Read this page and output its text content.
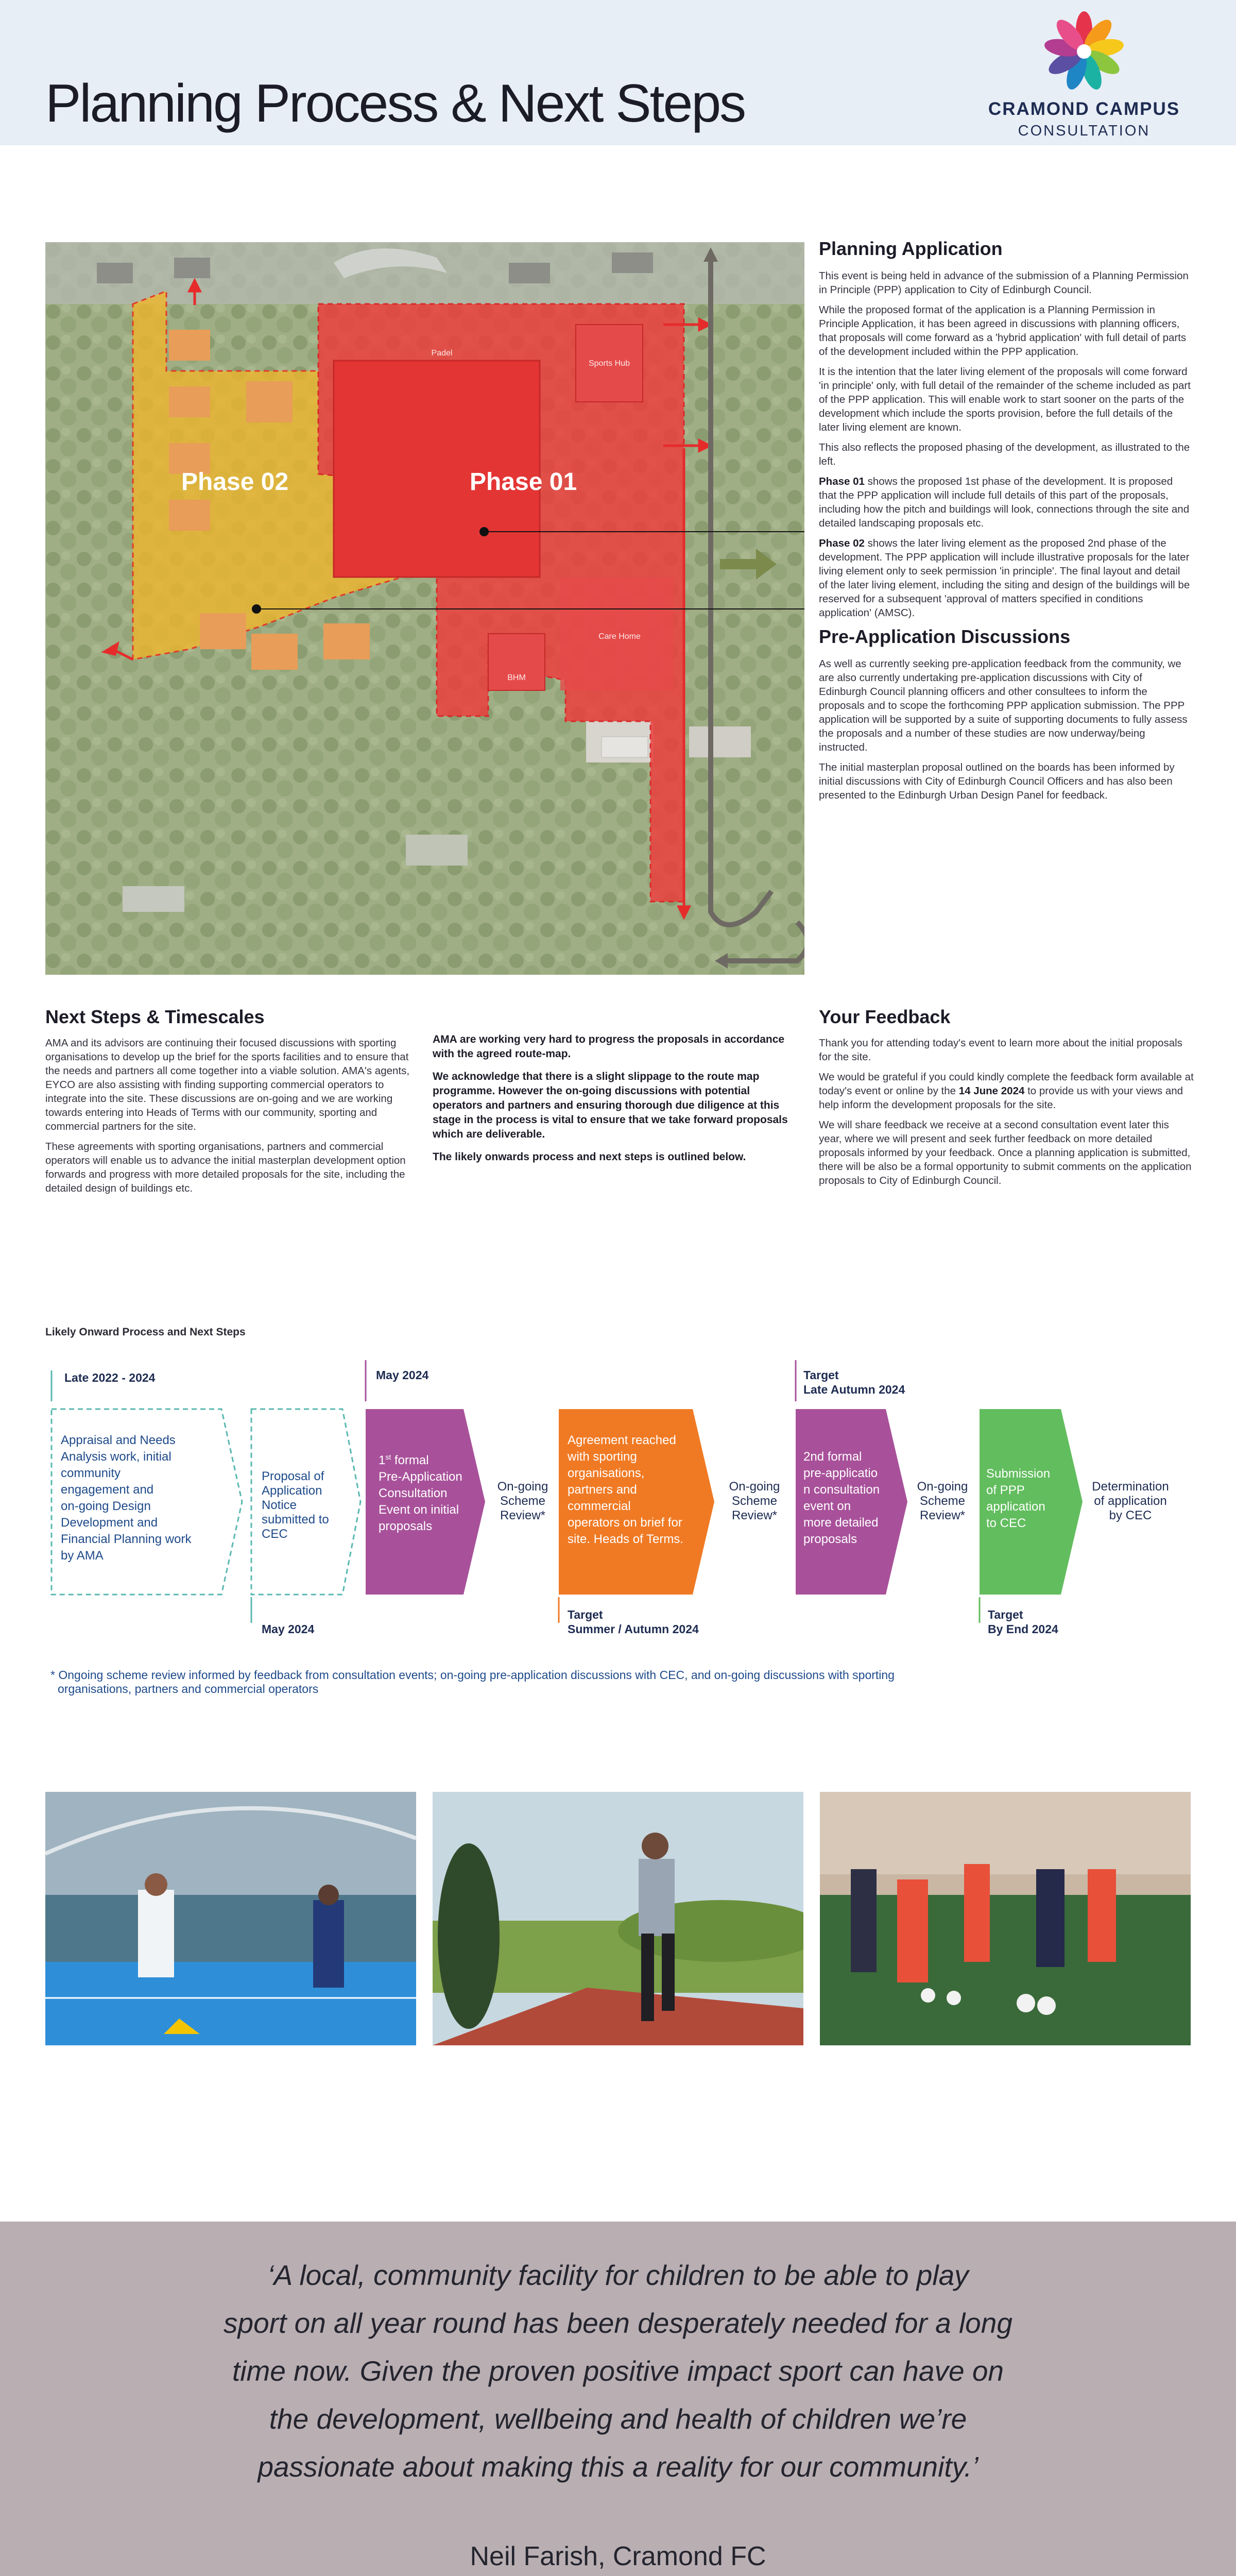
Planning Process & Next Steps	CRAMOND CAMPUS
CONSULTATION
Sports Hub
Care Home
BHM
Padel
Phase 02	Phase 01
Planning Application

This event is being held in advance of the submission of a Planning Permission in Principle (PPP) application to City of Edinburgh Council.

While the proposed format of the application is a Planning Permission in Principle Application, it has been agreed in discussions with planning officers, that proposals will come forward as a 'hybrid application' with full detail of parts of the development included within the PPP application.

It is the intention that the later living element of the proposals will come forward 'in principle' only, with full detail of the remainder of the scheme included as part of the PPP application. This will enable work to start sooner on the parts of the development which include the sports provision, before the full details of the later living element are known.

This also reflects the proposed phasing of the development, as illustrated to the left.

Phase 01 shows the proposed 1st phase of the development. It is proposed that the PPP application will include full details of this part of the proposals, including how the pitch and buildings will look, connections through the site and detailed landscaping proposals etc.

Phase 02 shows the later living element as the proposed 2nd phase of the development. The PPP application will include illustrative proposals for the later living element only to seek permission 'in principle'. The final layout and detail of the later living element, including the siting and design of the buildings will be reserved for a subsequent 'approval of matters specified in conditions application' (AMSC).

Pre-Application Discussions

As well as currently seeking pre-application feedback from the community, we are also currently undertaking pre-application discussions with City of Edinburgh Council planning officers and other consultees to inform the proposals and to scope the forthcoming PPP application submission. The PPP application will be supported by a suite of supporting documents to fully assess the proposals and a number of these studies are now underway/being instructed.

The initial masterplan proposal outlined on the boards has been informed by initial discussions with City of Edinburgh Council Officers and has also been presented to the Edinburgh Urban Design Panel for feedback.

Next Steps & Timescales

AMA and its advisors are continuing their focused discussions with sporting organisations to develop up the brief for the sports facilities and to ensure that the needs and partners all come together into a viable solution. AMA's agents, EYCO are also assisting with finding supporting commercial operators to integrate into the site. These discussions are on-going and we are working towards entering into Heads of Terms with our community, sporting and commercial partners for the site.

These agreements with sporting organisations, partners and commercial operators will enable us to advance the initial masterplan development option forwards and progress with more detailed proposals for the site, including the detailed design of buildings etc.

AMA are working very hard to progress the proposals in accordance with the agreed route-map.

We acknowledge that there is a slight slippage to the route map programme. However the on-going discussions with potential operators and partners and ensuring thorough due diligence at this stage in the process is vital to ensure that we take forward proposals which are deliverable.

The likely onwards process and next steps is outlined below.

Your Feedback

Thank you for attending today's event to learn more about the initial proposals for the site.

We would be grateful if you could kindly complete the feedback form available at today's event or online by the 14 June 2024 to provide us with your views and help inform the development proposals for the site.

We will share feedback we receive at a second consultation event later this year, where we will present and seek further feedback on more detailed proposals informed by your feedback. Once a planning application is submitted, there will be also be a formal opportunity to submit comments on the application proposals to City of Edinburgh Council.

Likely Onward Process and Next Steps
Late 2022 - 2024	May 2024	Target
Late Autumn 2024
May 2024
Target
Summer / Autumn 2024
Target
By End 2024
Appraisal and Needs
Analysis work, initial
community
engagement and
on-going Design
Development and
Financial Planning work
by AMA
Proposal of
Application
Notice
submitted to
CEC
1st formal
Pre-Application
Consultation
Event on initial
proposals
On-going
Scheme
Review*
Agreement reached
with sporting
organisations,
partners and
commercial
operators on brief for
site. Heads of Terms.
On-going
Scheme
Review*
2nd formal
pre-applicatio
n consultation
event on
more detailed
proposals
On-going
Scheme
Review*
Submission
of PPP
application
to CEC
Determination
of application
by CEC
* Ongoing scheme review informed by feedback from consultation events; on-going pre-application discussions with CEC, and on-going discussions with sporting
organisations, partners and commercial operators
‘A local, community facility for children to be able to play
sport on all year round has been desperately needed for a long
time now. Given the proven positive impact sport can have on
the development, wellbeing and health of children we’re
passionate about making this a reality for our community.’
Neil Farish, Cramond FC
